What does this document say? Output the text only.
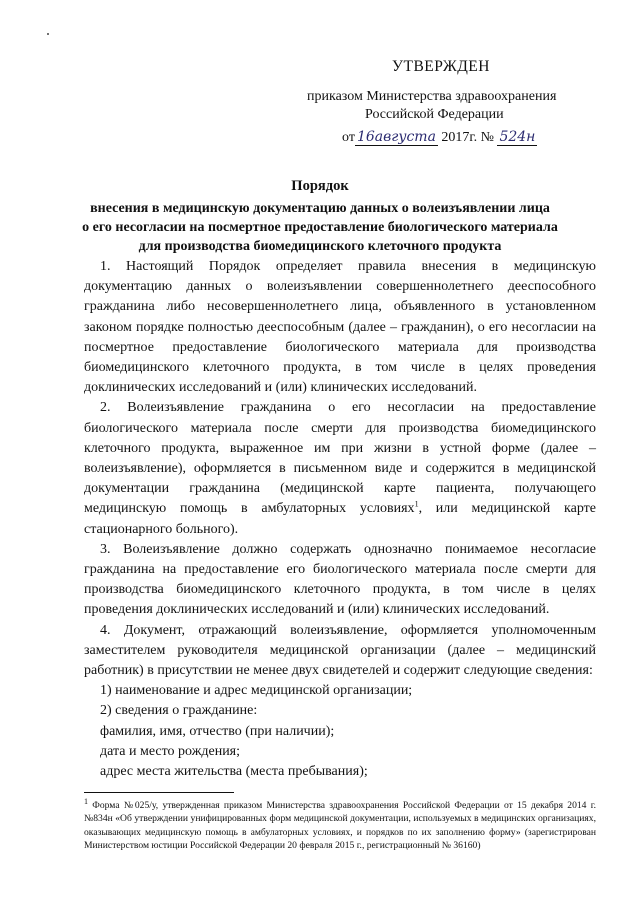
УТВЕРЖДЕН
приказом Министерства здравоохранения
Российской Федерации
от 16августа 2017г. № 524н
Порядок
внесения в медицинскую документацию данных о волеизъявлении лица
о его несогласии на посмертное предоставление биологического материала
для производства биомедицинского клеточного продукта

1. Настоящий Порядок определяет правила внесения в медицинскую документацию данных о волеизъявлении совершеннолетнего дееспособного гражданина либо несовершеннолетнего лица, объявленного в установленном законом порядке полностью дееспособным (далее – гражданин), о его несогласии на посмертное предоставление биологического материала для производства биомедицинского клеточного продукта, в том числе в целях проведения доклинических исследований и (или) клинических исследований.

2. Волеизъявление гражданина о его несогласии на предоставление биологического материала после смерти для производства биомедицинского клеточного продукта, выраженное им при жизни в устной форме (далее – волеизъявление), оформляется в письменном виде и содержится в медицинской документации гражданина (медицинской карте пациента, получающего медицинскую помощь в амбулаторных условиях$^1$, или медицинской карте стационарного больного).

3. Волеизъявление должно содержать однозначно понимаемое несогласие гражданина на предоставление его биологического материала после смерти для производства биомедицинского клеточного продукта, в том числе в целях проведения доклинических исследований и (или) клинических исследований.

4. Документ, отражающий волеизъявление, оформляется уполномоченным заместителем руководителя медицинской организации (далее – медицинский работник) в присутствии не менее двух свидетелей и содержит следующие сведения:

1) наименование и адрес медицинской организации;

2) сведения о гражданине:

фамилия, имя, отчество (при наличии);

дата и место рождения;

адрес места жительства (места пребывания);

$^1$ Форма №025/у, утвержденная приказом Министерства здравоохранения Российской Федерации от 15 декабря 2014 г. №834н «Об утверждении унифицированных форм медицинской документации, используемых в медицинских организациях, оказывающих медицинскую помощь в амбулаторных условиях, и порядков по их заполнению форму» (зарегистрирован Министерством юстиции Российской Федерации 20 февраля 2015 г., регистрационный № 36160)
